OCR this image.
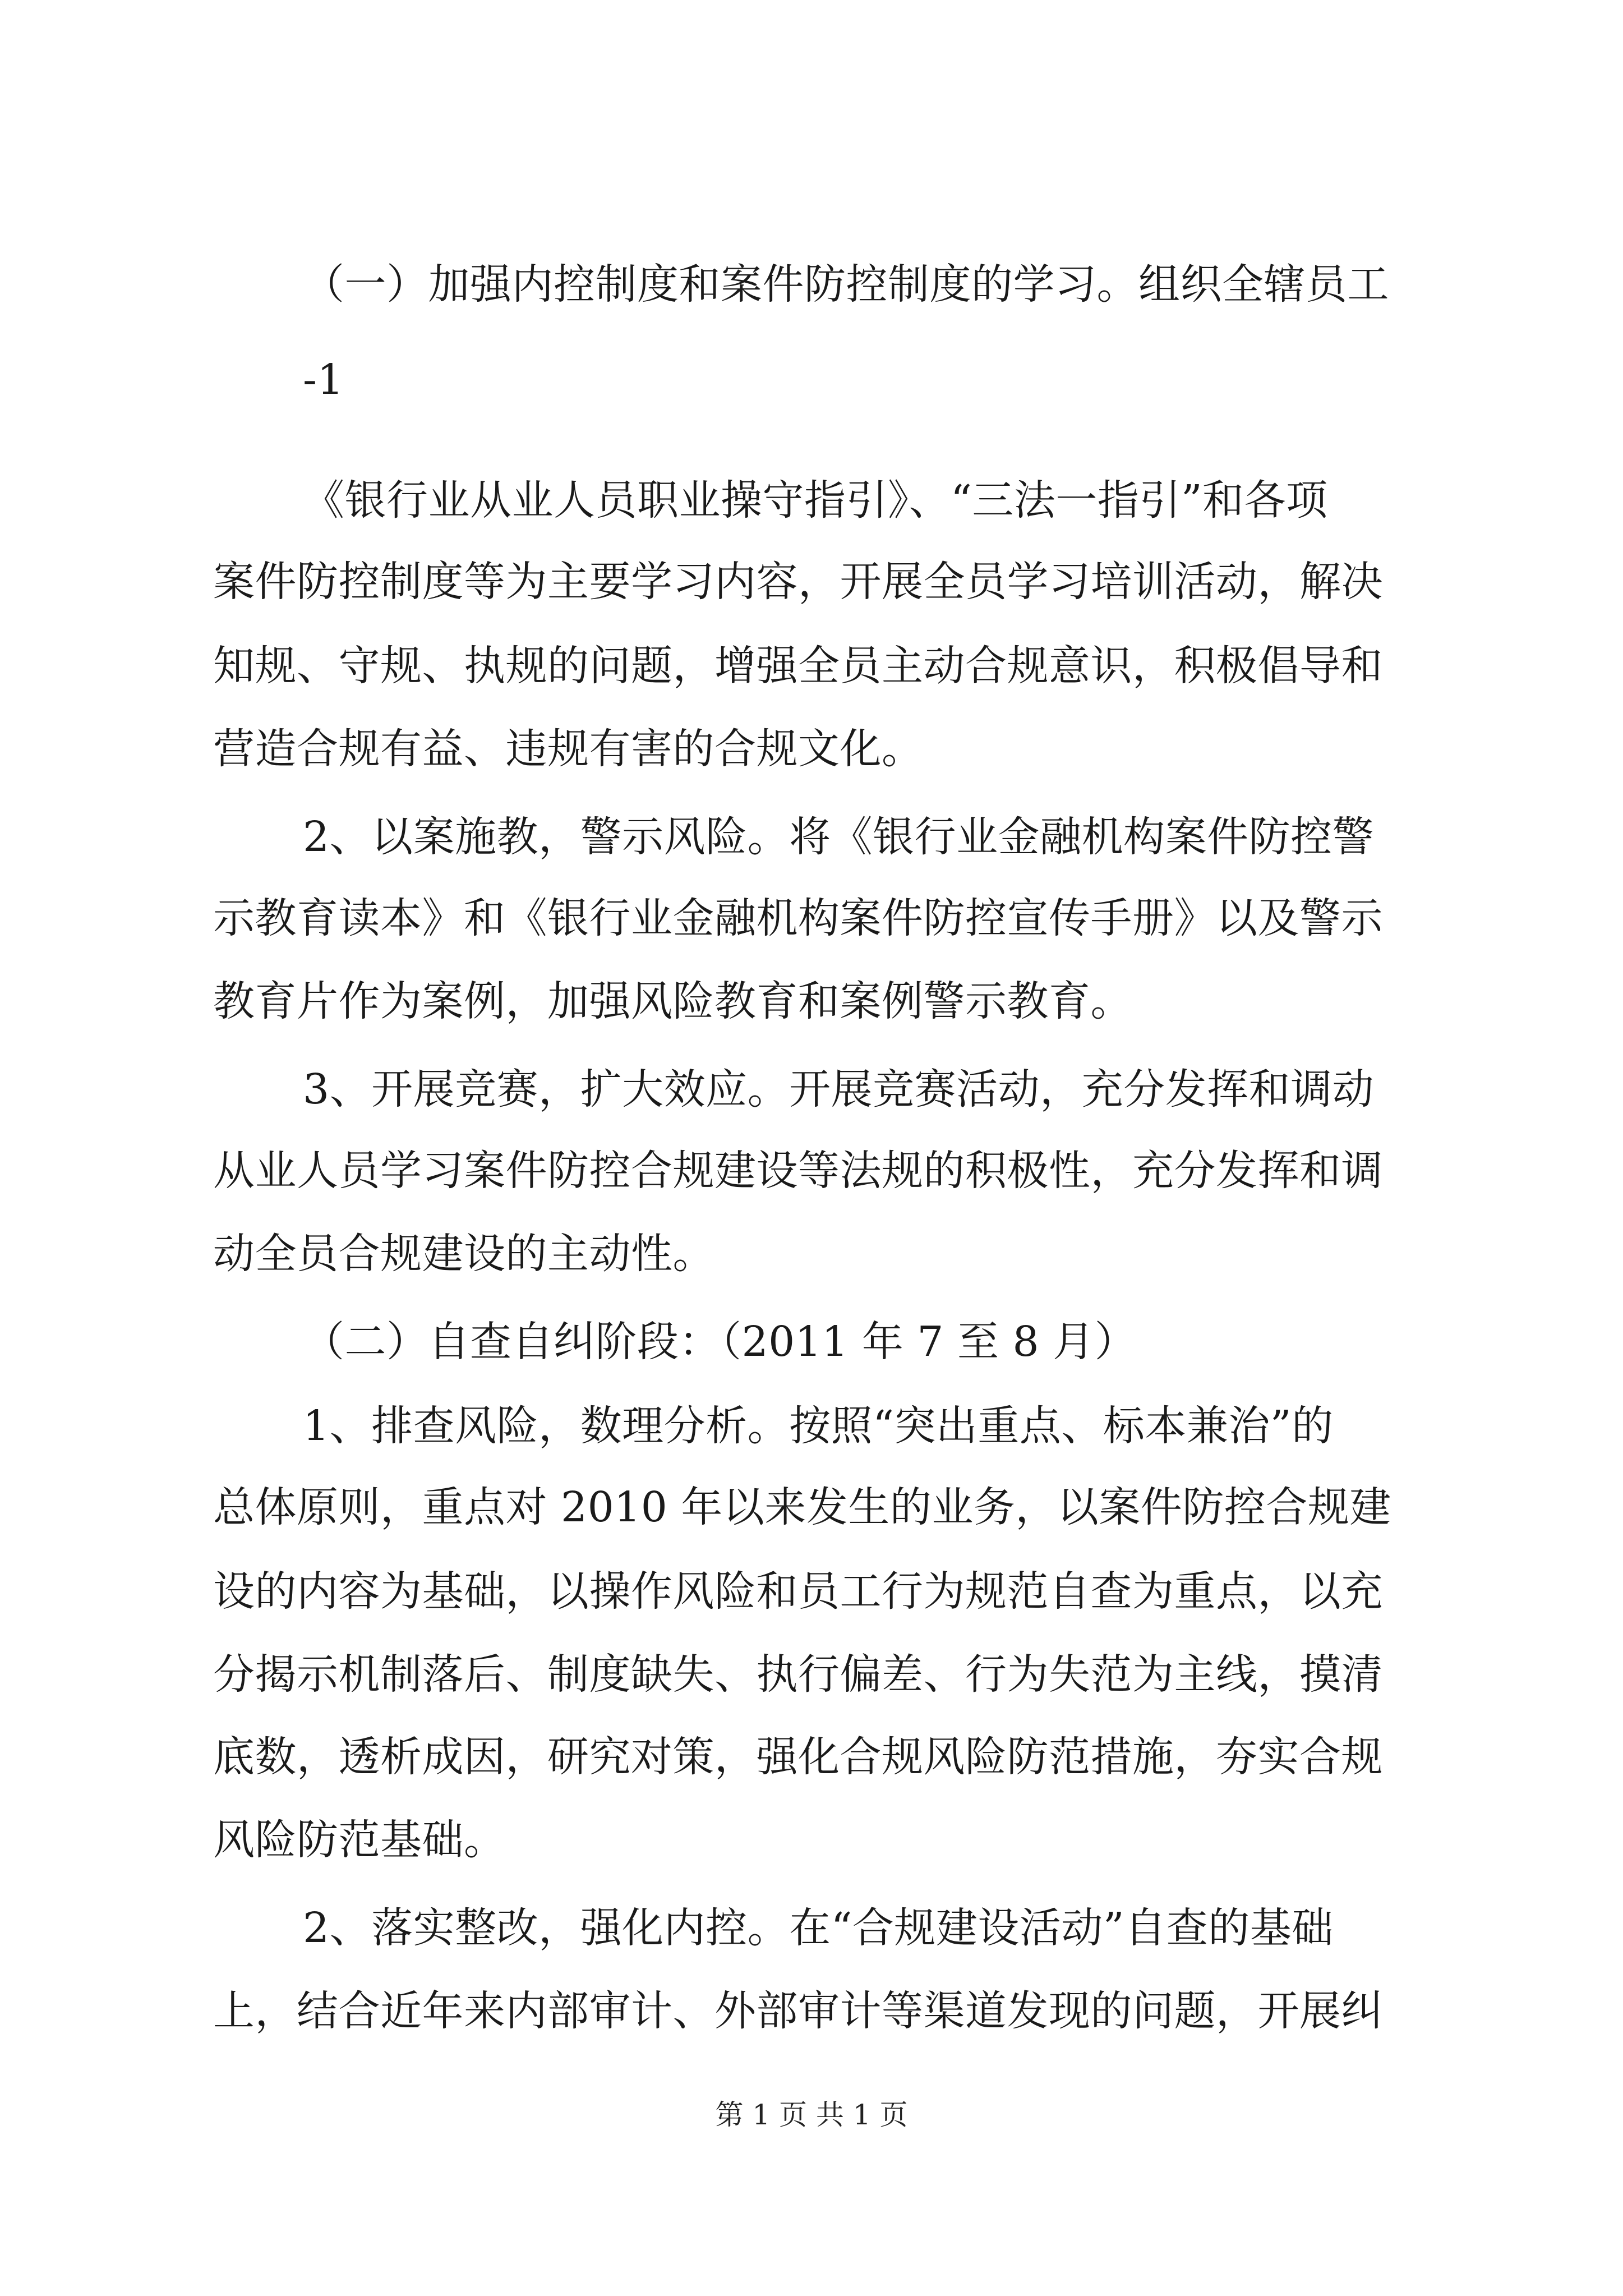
（一）加强内控制度和案件防控制度的学习。组织全辖员工
-1
《银行业从业人员职业操守指引》、“三法一指引”和各项
案件防控制度等为主要学习内容，开展全员学习培训活动，解决
知规、守规、执规的问题，增强全员主动合规意识，积极倡导和
营造合规有益、违规有害的合规文化。
2、以案施教，警示风险。将《银行业金融机构案件防控警
示教育读本》和《银行业金融机构案件防控宣传手册》以及警示
教育片作为案例，加强风险教育和案例警示教育。
3、开展竞赛，扩大效应。开展竞赛活动，充分发挥和调动
从业人员学习案件防控合规建设等法规的积极性，充分发挥和调
动全员合规建设的主动性。
（二）自查自纠阶段：（2011 年 7 至 8 月）
1、排查风险，数理分析。按照“突出重点、标本兼治”的
总体原则，重点对 2010 年以来发生的业务，以案件防控合规建
设的内容为基础，以操作风险和员工行为规范自查为重点，以充
分揭示机制落后、制度缺失、执行偏差、行为失范为主线，摸清
底数，透析成因，研究对策，强化合规风险防范措施，夯实合规
风险防范基础。
2、落实整改，强化内控。在“合规建设活动”自查的基础
上，结合近年来内部审计、外部审计等渠道发现的问题，开展纠
第 1 页 共 1 页
